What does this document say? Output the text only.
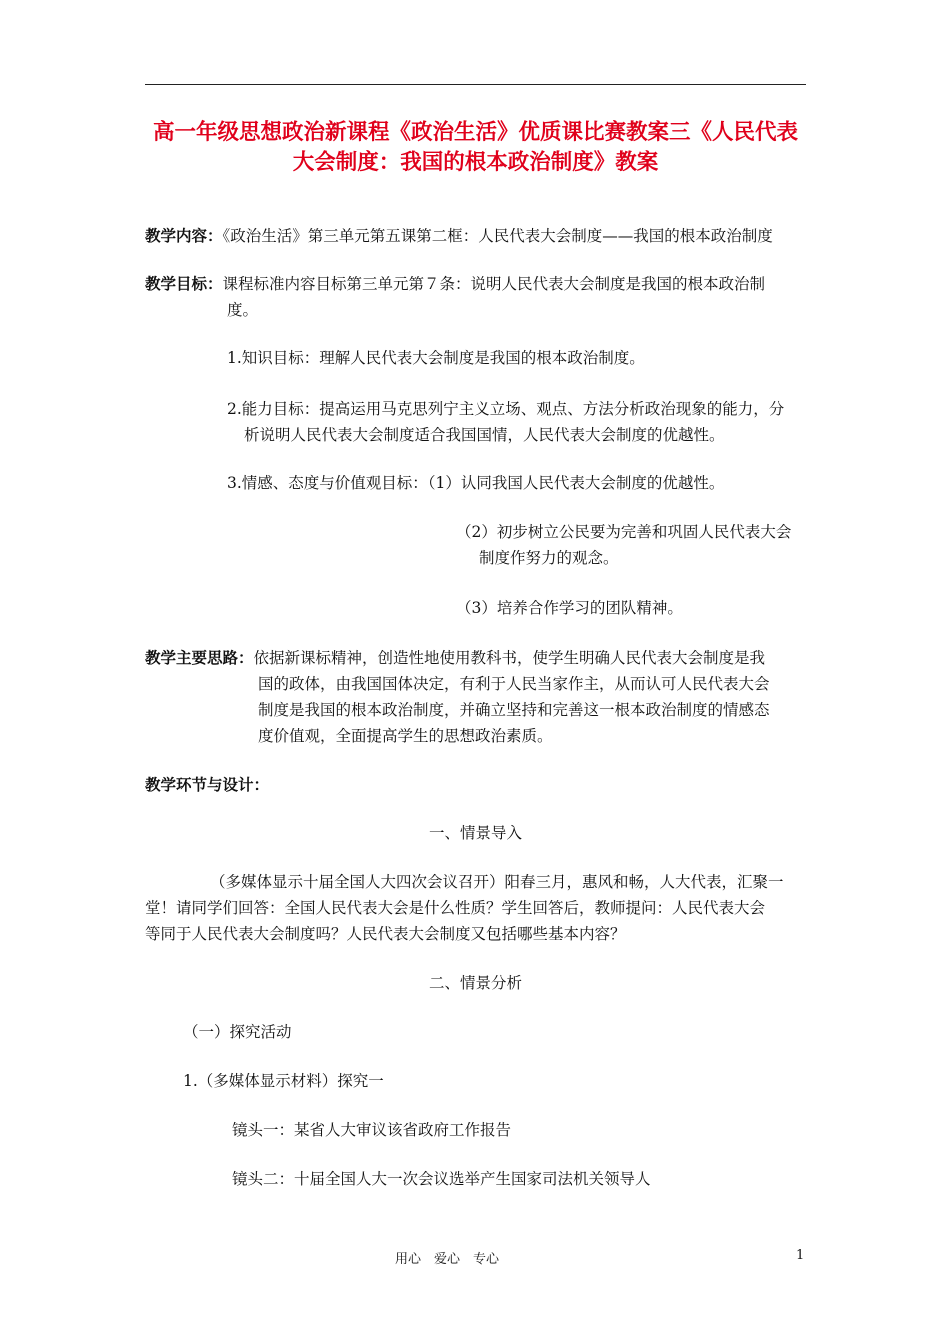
高一年级思想政治新课程《政治生活》优质课比赛教案三《人民代表
大会制度：我国的根本政治制度》教案
教学内容：《政治生活》第三单元第五课第二框：人民代表大会制度——我国的根本政治制度
教学目标：课程标准内容目标第三单元第７条：说明人民代表大会制度是我国的根本政治制
度。
1.知识目标：理解人民代表大会制度是我国的根本政治制度。
2.能力目标：提高运用马克思列宁主义立场、观点、方法分析政治现象的能力，分
析说明人民代表大会制度适合我国国情，人民代表大会制度的优越性。
3.情感、态度与价值观目标：（1）认同我国人民代表大会制度的优越性。
（2）初步树立公民要为完善和巩固人民代表大会
制度作努力的观念。
（3）培养合作学习的团队精神。
教学主要思路：依据新课标精神，创造性地使用教科书，使学生明确人民代表大会制度是我
国的政体，由我国国体决定，有利于人民当家作主，从而认可人民代表大会
制度是我国的根本政治制度，并确立坚持和完善这一根本政治制度的情感态
度价值观，全面提高学生的思想政治素质。
教学环节与设计：
一、情景导入
（多媒体显示十届全国人大四次会议召开）阳春三月，惠风和畅，人大代表，汇聚一
堂！请同学们回答：全国人民代表大会是什么性质？学生回答后，教师提问：人民代表大会
等同于人民代表大会制度吗？人民代表大会制度又包括哪些基本内容？
二、情景分析
（一）探究活动
1.（多媒体显示材料）探究一
镜头一：某省人大审议该省政府工作报告
镜头二：十届全国人大一次会议选举产生国家司法机关领导人
用心　爱心　专心	1
